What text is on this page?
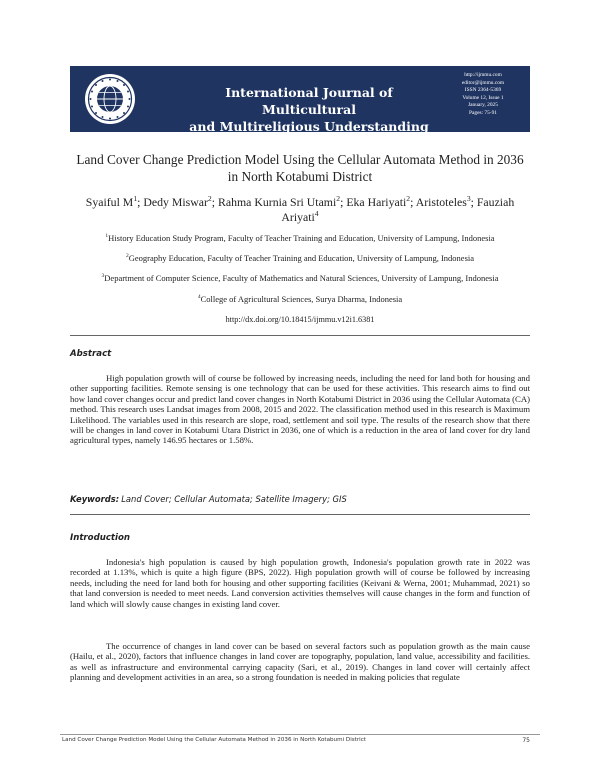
International Journal of Multicultural
and Multireligious Understanding
http://ijmmu.com
editor@ijmmu.com
ISSN 2364-5369
Volume 12, Issue 1
January, 2025
Pages: 75-91
Land Cover Change Prediction Model Using the Cellular Automata Method in 2036 in North Kotabumi District
Syaiful $M^1$; Dedy Miswar$^2$; Rahma Kurnia Sri Utami$^2$; Eka Hariyati$^2$; Aristoteles$^3$; Fauziah Ariyati$^4$
$^1$History Education Study Program, Faculty of Teacher Training and Education, University of Lampung, Indonesia
$^2$Geography Education, Faculty of Teacher Training and Education, University of Lampung, Indonesia
$^3$Department of Computer Science, Faculty of Mathematics and Natural Sciences, University of Lampung, Indonesia
$^4$College of Agricultural Sciences, Surya Dharma, Indonesia
http://dx.doi.org/10.18415/ijmmu.v12i1.6381
Abstract

High population growth will of course be followed by increasing needs, including the need for land both for housing and other supporting facilities. Remote sensing is one technology that can be used for these activities. This research aims to find out how land cover changes occur and predict land cover changes in North Kotabumi District in 2036 using the Cellular Automata (CA) method. This research uses Landsat images from 2008, 2015 and 2022. The classification method used in this research is Maximum Likelihood. The variables used in this research are slope, road, settlement and soil type. The results of the research show that there will be changes in land cover in Kotabumi Utara District in 2036, one of which is a reduction in the area of land cover for dry land agricultural types, namely 146.95 hectares or 1.58%.

Keywords: Land Cover; Cellular Automata; Satellite Imagery; GIS
Introduction

Indonesia's high population is caused by high population growth, Indonesia's population growth rate in 2022 was recorded at 1.13%, which is quite a high figure (BPS, 2022). High population growth will of course be followed by increasing needs, including the need for land both for housing and other supporting facilities (Keivani & Werna, 2001; Muhammad, 2021) so that land conversion is needed to meet needs. Land conversion activities themselves will cause changes in the form and function of land which will slowly cause changes in existing land cover.

The occurrence of changes in land cover can be based on several factors such as population growth as the main cause (Hailu, et al., 2020), factors that influence changes in land cover are topography, population, land value, accessibility and facilities. as well as infrastructure and environmental carrying capacity (Sari, et al., 2019). Changes in land cover will certainly affect planning and development activities in an area, so a strong foundation is needed in making policies that regulate

Land Cover Change Prediction Model Using the Cellular Automata Method in 2036 in North Kotabumi District	75
